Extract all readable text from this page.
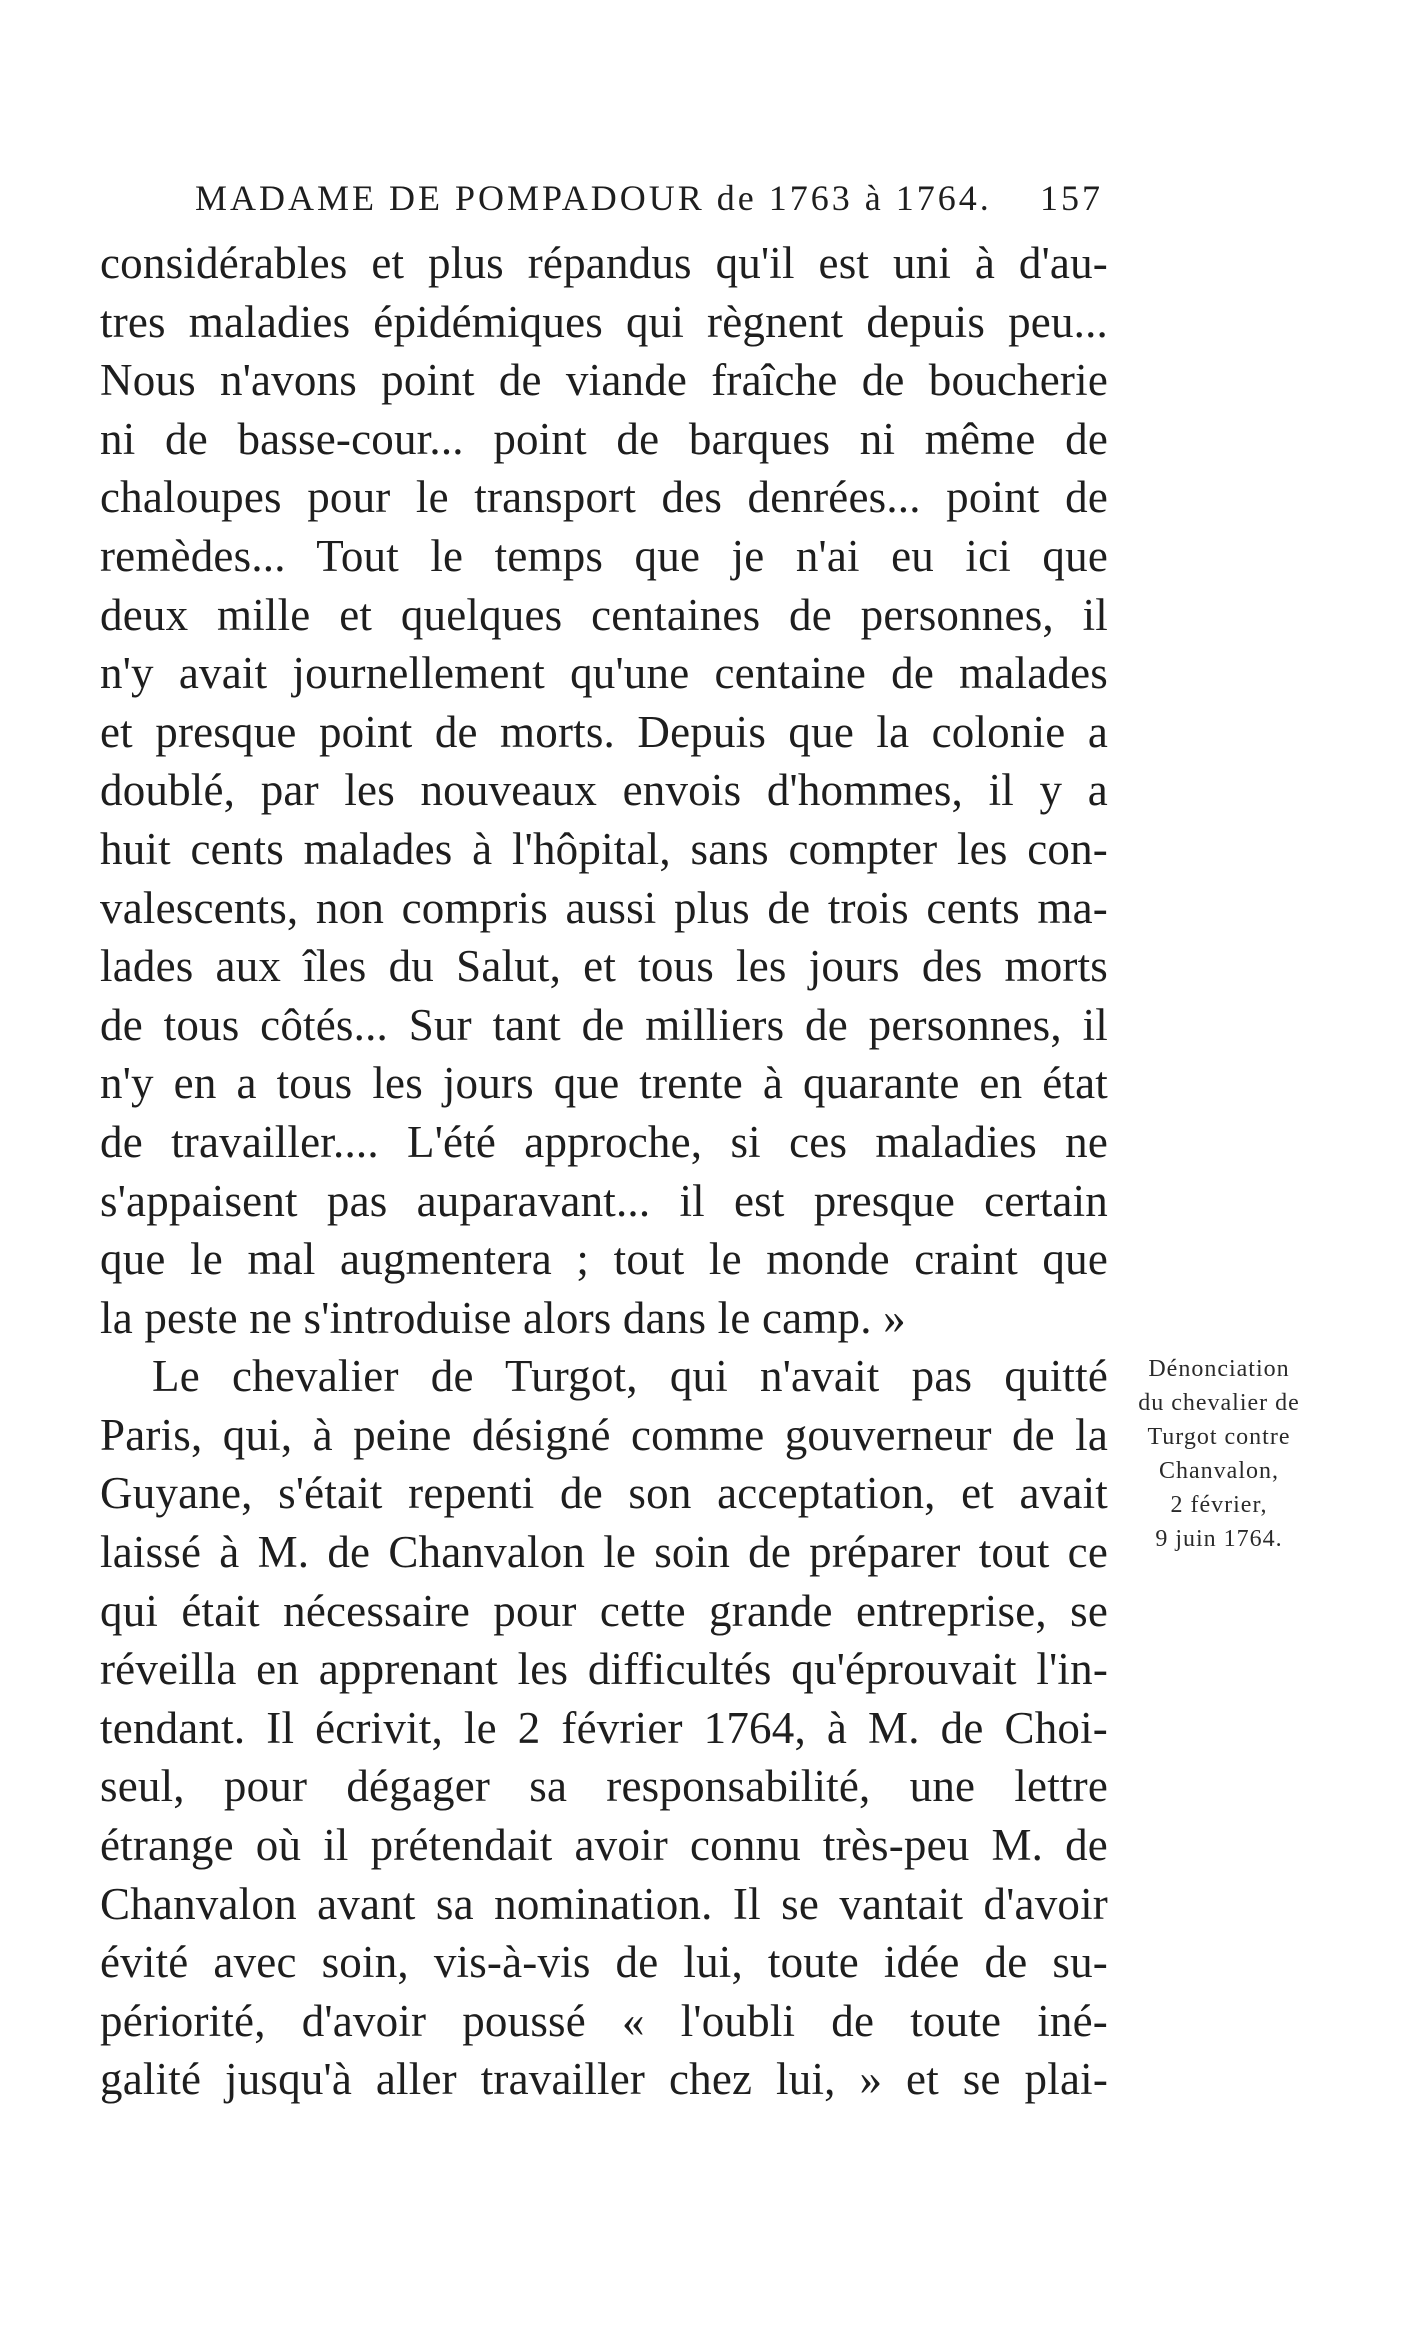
MADAME DE POMPADOUR de 1763 à 1764. 157
considérables et plus répandus qu'il est uni à d'au-
tres maladies épidémiques qui règnent depuis peu...
Nous n'avons point de viande fraîche de boucherie
ni de basse-cour... point de barques ni même de
chaloupes pour le transport des denrées... point de
remèdes... Tout le temps que je n'ai eu ici que
deux mille et quelques centaines de personnes, il
n'y avait journellement qu'une centaine de malades
et presque point de morts. Depuis que la colonie a
doublé, par les nouveaux envois d'hommes, il y a
huit cents malades à l'hôpital, sans compter les con-
valescents, non compris aussi plus de trois cents ma-
lades aux îles du Salut, et tous les jours des morts
de tous côtés... Sur tant de milliers de personnes, il
n'y en a tous les jours que trente à quarante en état
de travailler.... L'été approche, si ces maladies ne
s'appaisent pas auparavant... il est presque certain
que le mal augmentera ; tout le monde craint que
la peste ne s'introduise alors dans le camp. »
Le chevalier de Turgot, qui n'avait pas quitté
Paris, qui, à peine désigné comme gouverneur de la
Guyane, s'était repenti de son acceptation, et avait
laissé à M. de Chanvalon le soin de préparer tout ce
qui était nécessaire pour cette grande entreprise, se
réveilla en apprenant les difficultés qu'éprouvait l'in-
tendant. Il écrivit, le 2 février 1764, à M. de Choi-
seul, pour dégager sa responsabilité, une lettre
étrange où il prétendait avoir connu très-peu M. de
Chanvalon avant sa nomination. Il se vantait d'avoir
évité avec soin, vis-à-vis de lui, toute idée de su-
périorité, d'avoir poussé « l'oubli de toute iné-
galité jusqu'à aller travailler chez lui, » et se plai-
Dénonciation
du chevalier de
Turgot contre
Chanvalon,
2 février,
9 juin 1764.
